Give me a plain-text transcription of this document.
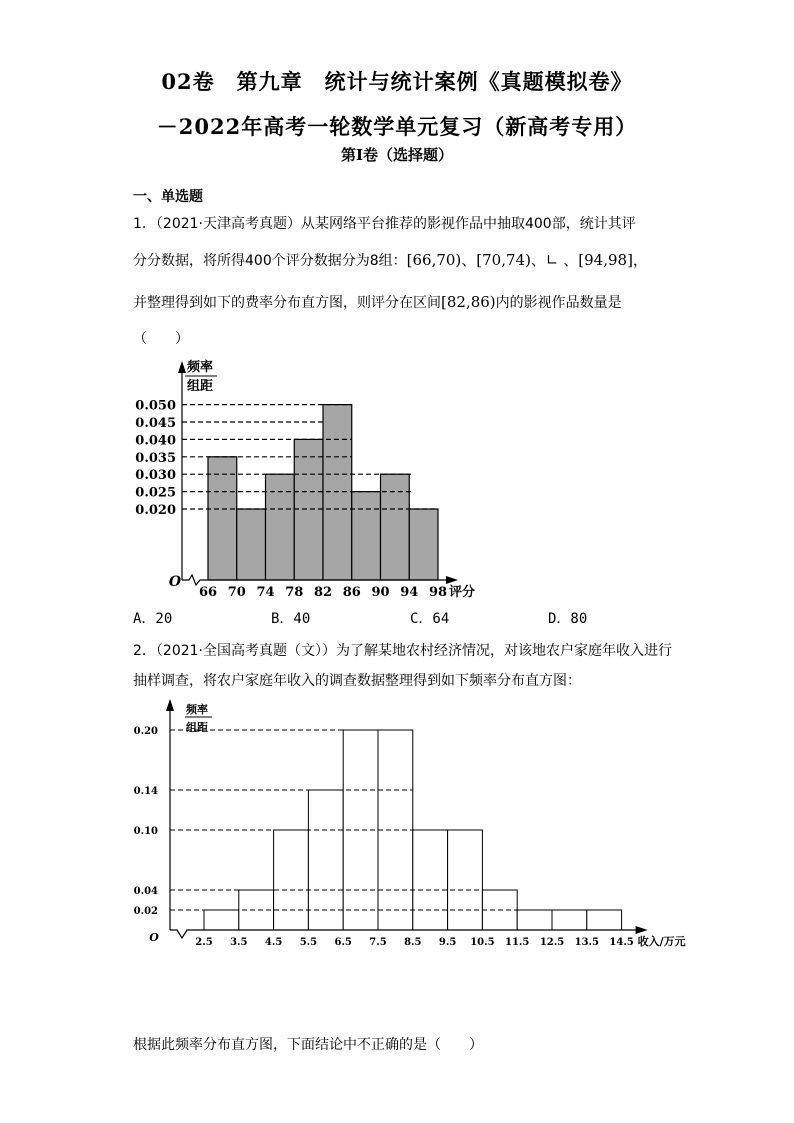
02卷　第九章　统计与统计案例《真题模拟卷》
－2022年高考一轮数学单元复习（新高考专用）
第I卷（选择题）
一、单选题
1．（2021·天津高考真题）从某网络平台推荐的影视作品中抽取400部，统计其评
分分数据，将所得400个评分数据分为8组：[66,70)、[70,74)、∟ 、[94,98]，
并整理得到如下的费率分布直方图，则评分在区间[82,86)内的影视作品数量是
（　　）
频率
组距
0.050
0.045
0.040
0.035
0.030
0.025
0.020
O
66 70 74 78 82 86 90 94 98 评分
A．20	B．40	C．64	D．80
2．（2021·全国高考真题（文））为了解某地农村经济情况，对该地农户家庭年收入进行
抽样调查，将农户家庭年收入的调查数据整理得到如下频率分布直方图：
频率
组距
0.20
0.14
0.10
0.04
0.02
O	2.5 3.5 4.5 5.5 6.5 7.5 8.5 9.5 10.5 11.5 12.5 13.5 14.5 收入/万元
根据此频率分布直方图，下面结论中不正确的是（　　）
